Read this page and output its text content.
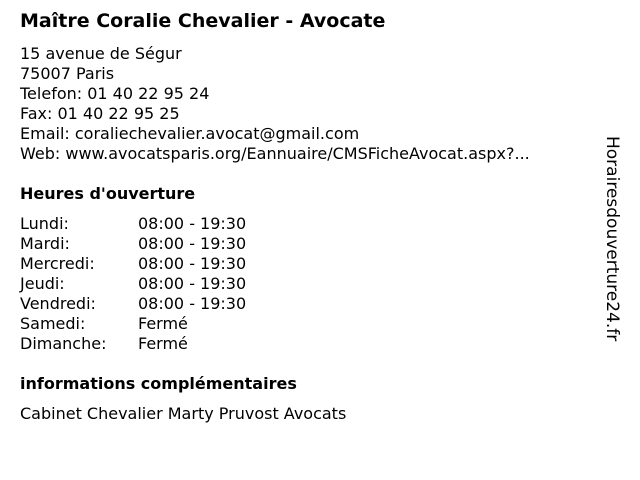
Maître Coralie Chevalier - Avocate
15 avenue de Ségur
75007 Paris
Telefon: 01 40 22 95 24
Fax: 01 40 22 95 25
Email: coraliechevalier.avocat@gmail.com
Web: www.avocatsparis.org/Eannuaire/CMSFicheAvocat.aspx?...
Heures d'ouverture
Lundi:	08:00 - 19:30
Mardi:	08:00 - 19:30
Mercredi:	08:00 - 19:30
Jeudi:	08:00 - 19:30
Vendredi:	08:00 - 19:30
Samedi:	Fermé
Dimanche: Fermé
informations complémentaires
Cabinet Chevalier Marty Pruvost Avocats
Horairesdouverture24.fr
